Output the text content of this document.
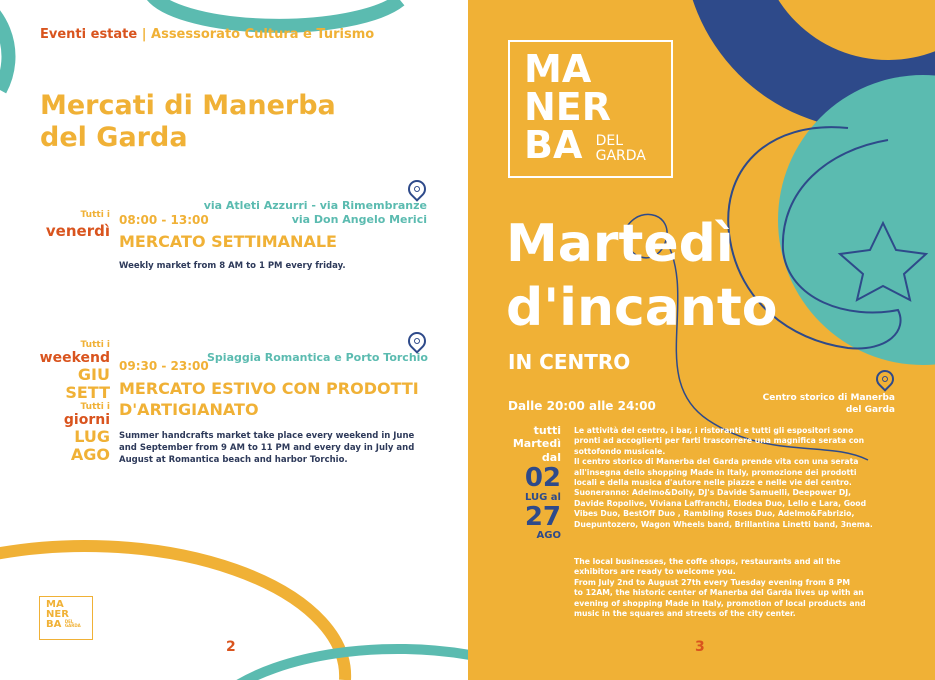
Eventi estate | Assessorato Cultura e Turismo
Mercati di Manerba
del Garda
Tutti i
venerdì
08:00 - 13:00
via Atleti Azzurri - via Rimembranze
via Don Angelo Merici
MERCATO SETTIMANALE
Weekly market from 8 AM to 1 PM every friday.
Tutti i
weekend
GIU
SETT
Tutti i
giorni
LUG
AGO
09:30 - 23:00
Spiaggia Romantica e Porto Torchio
MERCATO ESTIVO CON PRODOTTI
D'ARTIGIANATO
Summer handcrafts market take place every weekend in June
and September from 9 AM to 11 PM and every day in July and
August at Romantica beach and harbor Torchio.
MA
NER
BA DEL
GARDA
2
MA
NER
BA DEL
GARDA
Martedì
d'incanto
IN CENTRO
Dalle 20:00 alle 24:00
Centro storico di Manerba
del Garda
tutti
Martedì
dal
02
LUG al
27
AGO
Le attività del centro, i bar, i ristoranti e tutti gli espositori sono
pronti ad accoglierti per farti trascorrere una magnifica serata con
sottofondo musicale.
Il centro storico di Manerba del Garda prende vita con una serata
all'insegna dello shopping Made in Italy, promozione dei prodotti
locali e della musica d'autore nelle piazze e nelle vie del centro.
Suoneranno: Adelmo&Dolly, DJ's Davide Samuelli, Deepower DJ,
Davide Ropolive, Viviana Laffranchi, Elodea Duo, Lello e Lara, Good
Vibes Duo, BestOff Duo , Rambling Roses Duo, Adelmo&Fabrizio,
Duepuntozero, Wagon Wheels band, Brillantina Linetti band, 3nema.
The local businesses, the coffe shops, restaurants and all the
exhibitors are ready to welcome you.
From July 2nd to August 27th every Tuesday evening from 8 PM
to 12AM, the historic center of Manerba del Garda lives up with an
evening of shopping Made in Italy, promotion of local products and
music in the squares and streets of the city center.
3
